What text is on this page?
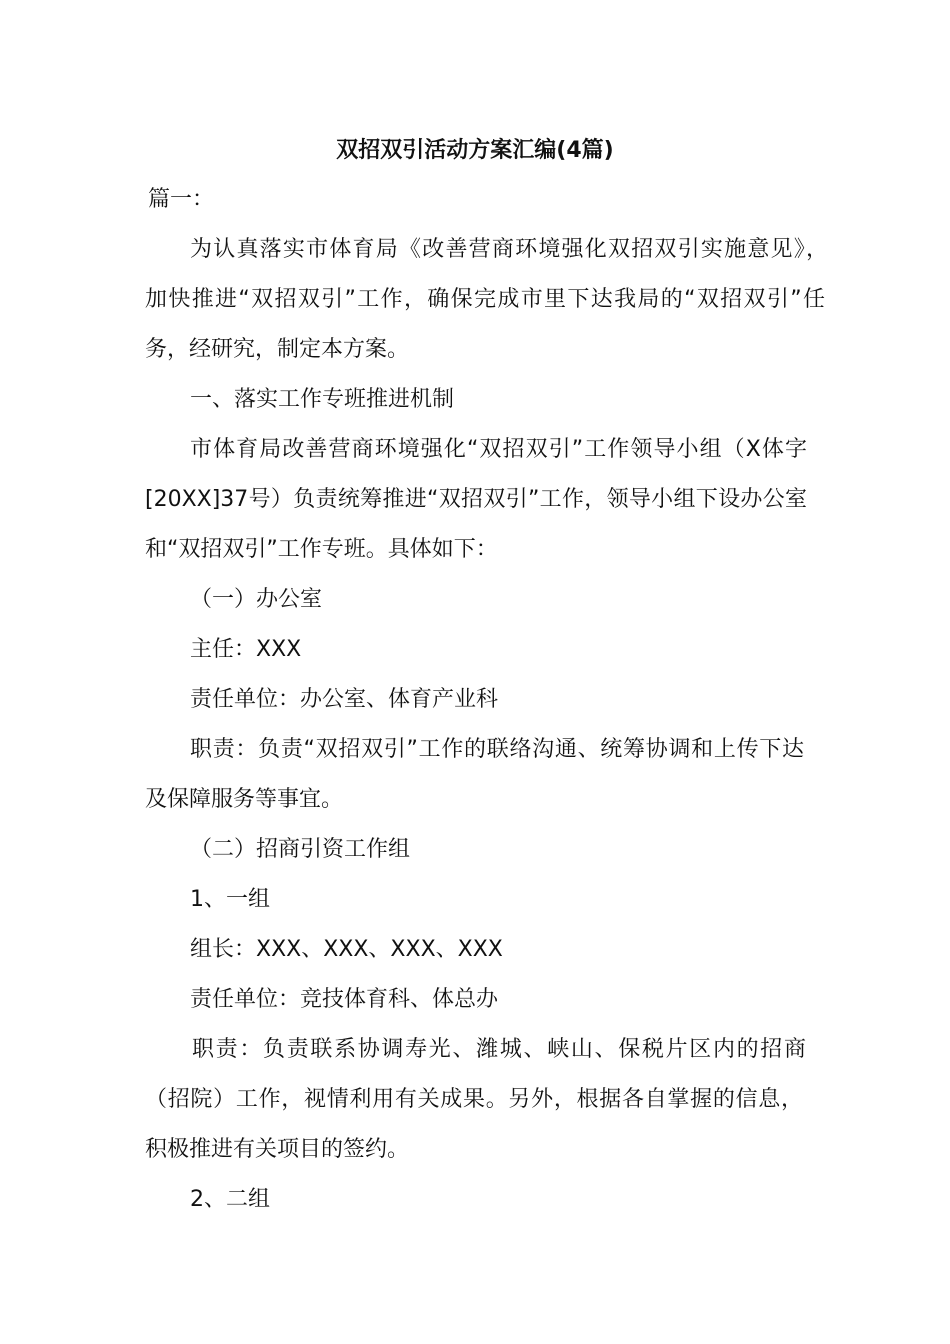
双招双引活动方案汇编(4篇)
篇一：
为认真落实市体育局《改善营商环境强化双招双引实施意见》，
加快推进“双招双引”工作，确保完成市里下达我局的“双招双引”任
务，经研究，制定本方案。
一、落实工作专班推进机制
市体育局改善营商环境强化“双招双引”工作领导小组（X体字
[20XX]37号）负责统筹推进“双招双引”工作，领导小组下设办公室
和“双招双引”工作专班。具体如下：
（一）办公室
主任：XXX
责任单位：办公室、体育产业科
职责：负责“双招双引”工作的联络沟通、统筹协调和上传下达
及保障服务等事宜。
（二）招商引资工作组
1、一组
组长：XXX、XXX、XXX、XXX
责任单位：竞技体育科、体总办
职责：负责联系协调寿光、潍城、峡山、保税片区内的招商
（招院）工作，视情利用有关成果。另外，根据各自掌握的信息，
积极推进有关项目的签约。
2、二组
